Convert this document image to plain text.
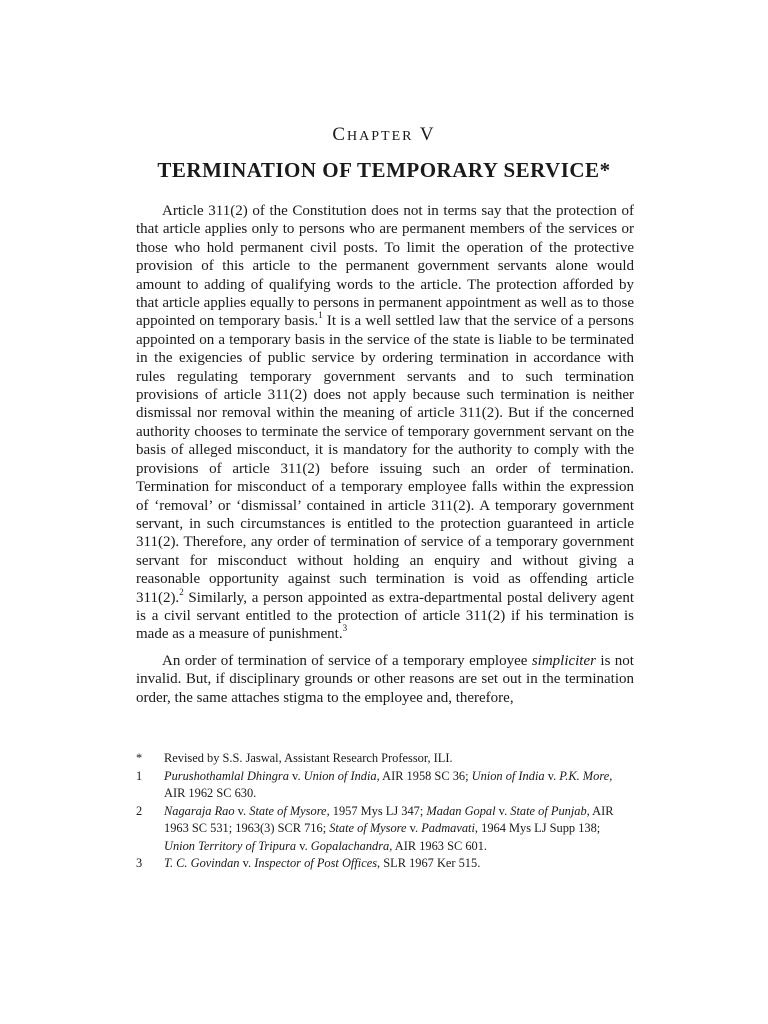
CHAPTER V
TERMINATION OF TEMPORARY SERVICE*

Article 311(2) of the Constitution does not in terms say that the protection of that article applies only to persons who are permanent members of the services or those who hold permanent civil posts. To limit the operation of the protective provision of this article to the permanent government servants alone would amount to adding of qualifying words to the article. The protection afforded by that article applies equally to persons in permanent appointment as well as to those appointed on temporary basis.$^1$ It is a well settled law that the service of a persons appointed on a temporary basis in the service of the state is liable to be terminated in the exigencies of public service by ordering termination in accordance with rules regulating temporary government servants and to such termination provisions of article 311(2) does not apply because such termination is neither dismissal nor removal within the meaning of article 311(2). But if the concerned authority chooses to terminate the service of temporary government servant on the basis of alleged misconduct, it is mandatory for the authority to comply with the provisions of article 311(2) before issuing such an order of termination. Termination for misconduct of a temporary employee falls within the expression of ‘removal’ or ‘dismissal’ contained in article 311(2). A temporary government servant, in such circumstances is entitled to the protection guaranteed in article 311(2). Therefore, any order of termination of service of a temporary government servant for misconduct without holding an enquiry and without giving a reasonable opportunity against such termination is void as offending article 311(2).$^2$ Similarly, a person appointed as extra-departmental postal delivery agent is a civil servant entitled to the protection of article 311(2) if his termination is made as a measure of punishment.$^3$

An order of termination of service of a temporary employee simpliciter is not invalid. But, if disciplinary grounds or other reasons are set out in the termination order, the same attaches stigma to the employee and, therefore,

*	Revised by S.S. Jaswal, Assistant Research Professor, ILI.
1	Purushothamlal Dhingra v. Union of India, AIR 1958 SC 36; Union of India v. P.K. More, AIR 1962 SC 630.
2	Nagaraja Rao v. State of Mysore, 1957 Mys LJ 347; Madan Gopal v. State of Punjab, AIR 1963 SC 531; 1963(3) SCR 716; State of Mysore v. Padmavati, 1964 Mys LJ Supp 138; Union Territory of Tripura v. Gopalachandra, AIR 1963 SC 601.
3	T. C. Govindan v. Inspector of Post Offices, SLR 1967 Ker 515.
